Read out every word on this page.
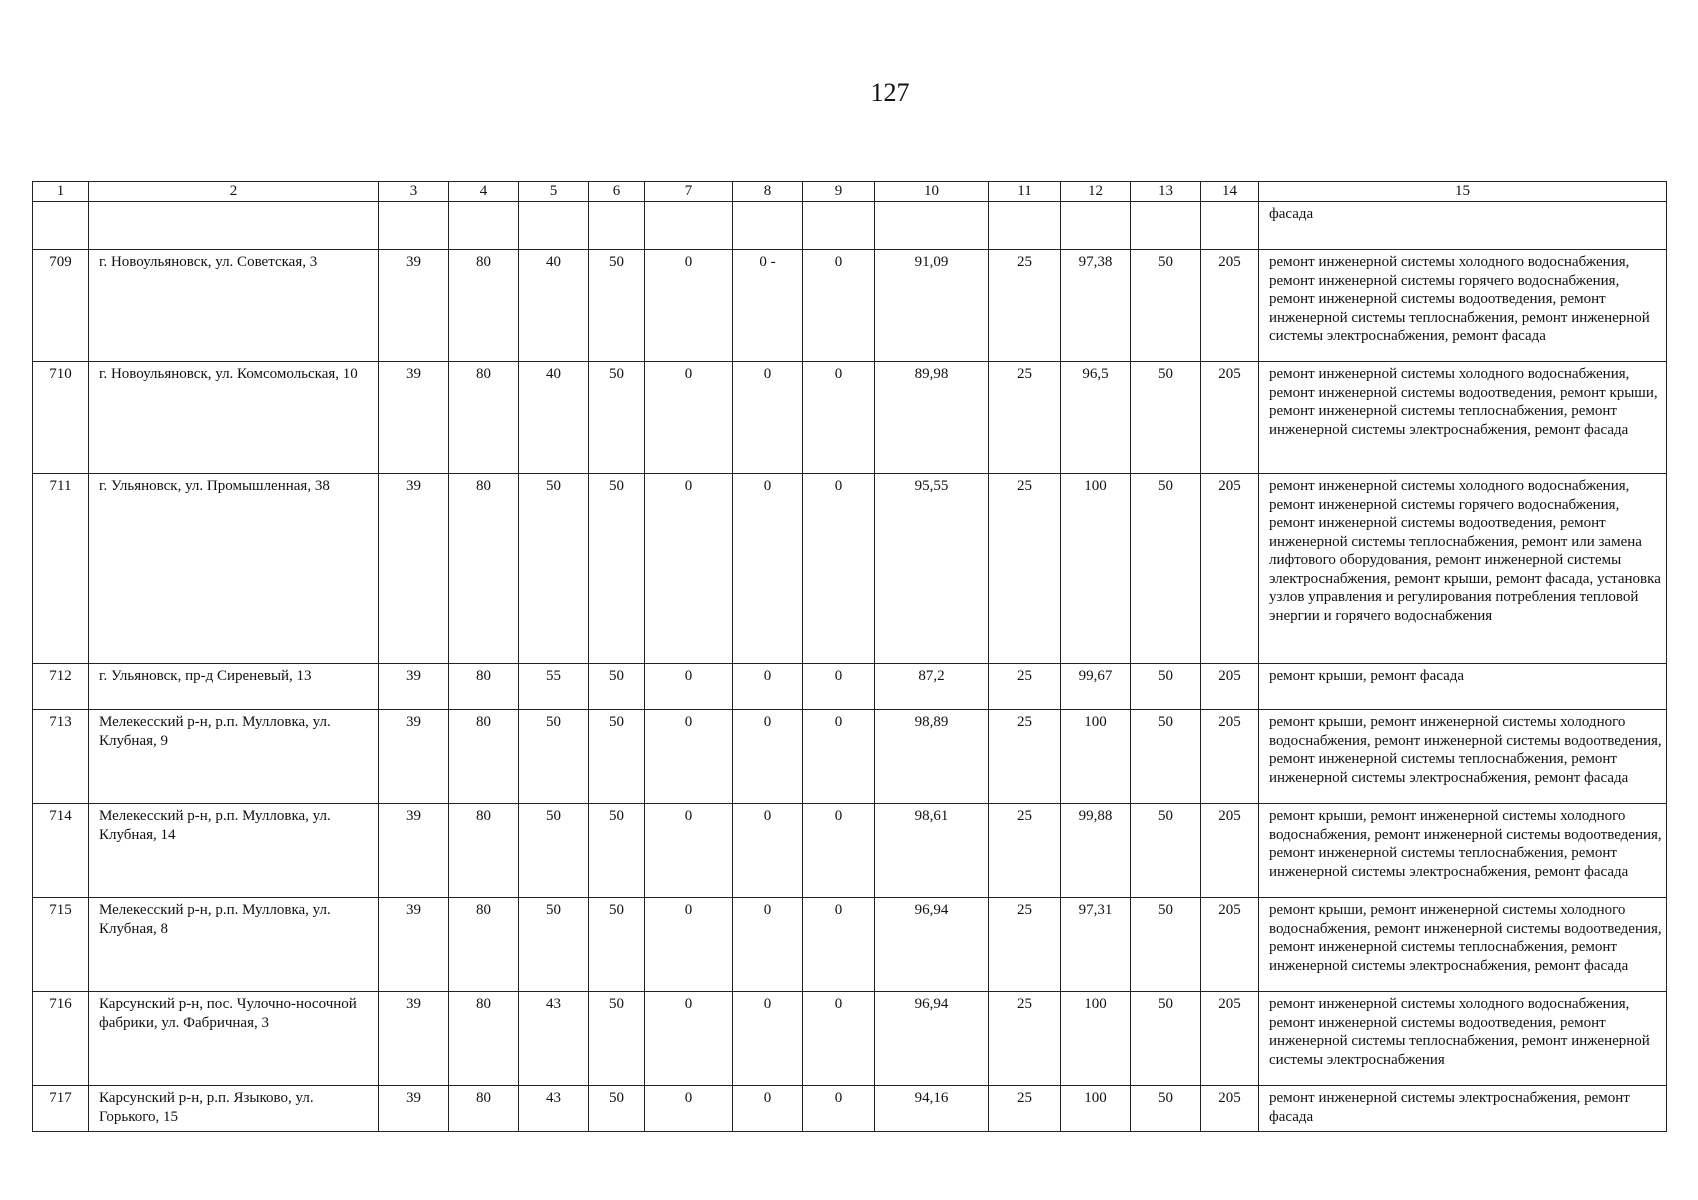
127
1	2	3	4	5	6	7	8	9	10	11	12	13	14	15
														фасада
709	г. Новоульяновск, ул. Советская, 3	39	80	40	50	0	0 -	0	91,09	25	97,38	50	205	ремонт инженерной системы холодного водоснабжения, ремонт инженерной системы горячего водоснабжения, ремонт инженерной системы водоотведения, ремонт инженерной системы теплоснабжения, ремонт инженерной системы электроснабжения, ремонт фасада
710	г. Новоульяновск, ул. Комсомольская, 10	39	80	40	50	0	0	0	89,98	25	96,5	50	205	ремонт инженерной системы холодного водоснабжения, ремонт инженерной системы водоотведения, ремонт крыши, ремонт инженерной системы теплоснабжения, ремонт инженерной системы электроснабжения, ремонт фасада
711	г. Ульяновск, ул. Промышленная, 38	39	80	50	50	0	0	0	95,55	25	100	50	205	ремонт инженерной системы холодного водоснабжения, ремонт инженерной системы горячего водоснабжения, ремонт инженерной системы водоотведения, ремонт инженерной системы теплоснабжения, ремонт или замена лифтового оборудования, ремонт инженерной системы электроснабжения, ремонт крыши, ремонт фасада, установка узлов управления и регулирования потребления тепловой энергии и горячего водоснабжения
712	г. Ульяновск, пр-д Сиреневый, 13	39	80	55	50	0	0	0	87,2	25	99,67	50	205	ремонт крыши, ремонт фасада
713	Мелекесский р-н, р.п. Мулловка, ул. Клубная, 9	39	80	50	50	0	0	0	98,89	25	100	50	205	ремонт крыши, ремонт инженерной системы холодного водоснабжения, ремонт инженерной системы водоотведения, ремонт инженерной системы теплоснабжения, ремонт инженерной системы электроснабжения, ремонт фасада
714	Мелекесский р-н, р.п. Мулловка, ул. Клубная, 14	39	80	50	50	0	0	0	98,61	25	99,88	50	205	ремонт крыши, ремонт инженерной системы холодного водоснабжения, ремонт инженерной системы водоотведения, ремонт инженерной системы теплоснабжения, ремонт инженерной системы электроснабжения, ремонт фасада
715	Мелекесский р-н, р.п. Мулловка, ул. Клубная, 8	39	80	50	50	0	0	0	96,94	25	97,31	50	205	ремонт крыши, ремонт инженерной системы холодного водоснабжения, ремонт инженерной системы водоотведения, ремонт инженерной системы теплоснабжения, ремонт инженерной системы электроснабжения, ремонт фасада
716	Карсунский р-н, пос. Чулочно-носочной фабрики, ул. Фабричная, 3	39	80	43	50	0	0	0	96,94	25	100	50	205	ремонт инженерной системы холодного водоснабжения, ремонт инженерной системы водоотведения, ремонт инженерной системы теплоснабжения, ремонт инженерной системы электроснабжения
717	Карсунский р-н, р.п. Языково, ул. Горького, 15	39	80	43	50	0	0	0	94,16	25	100	50	205	ремонт инженерной системы электроснабжения, ремонт фасада
